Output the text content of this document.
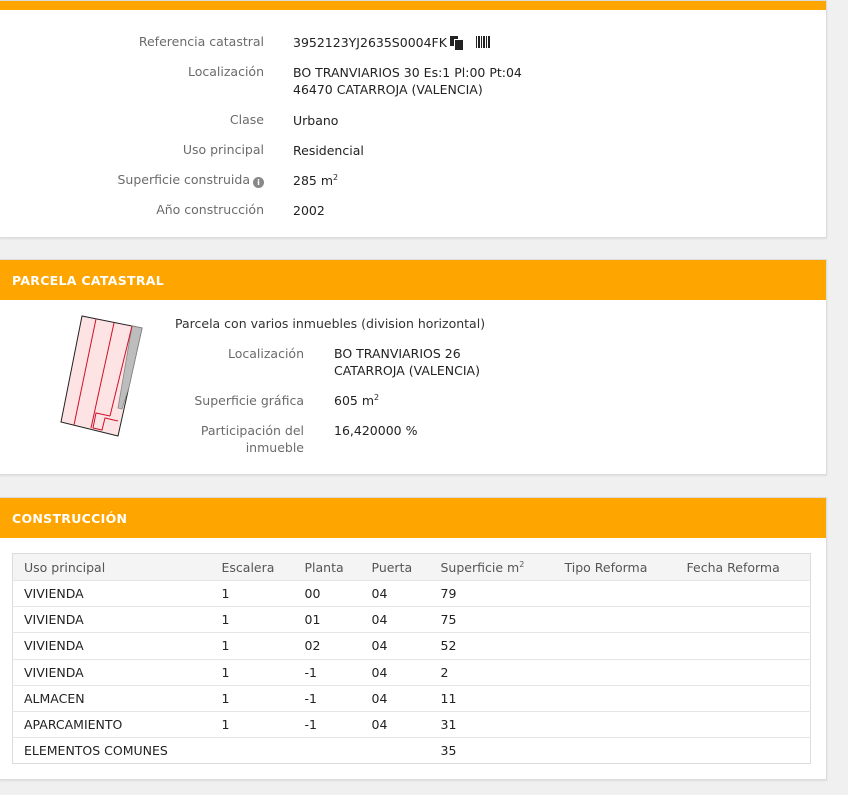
Referencia catastral 3952123YJ2635S0004FK
Localización BO TRANVIARIOS 30 Es:1 Pl:00 Pt:04
46470 CATARROJA (VALENCIA)
Clase Urbano
Uso principal Residencial
Superficie construida i	285 $m^2$
Año construcción 2002
PARCELA CATASTRAL
Parcela con varios inmuebles (division horizontal)
Localización BO TRANVIARIOS 26
CATARROJA (VALENCIA)
Superficie gráfica 605 $m^2$
Participación del
inmueble
16,420000 %
CONSTRUCCIÓN
Uso principal	Escalera	Planta	Puerta	Superficie $m^2$	Tipo Reforma	Fecha Reforma
VIVIENDA	1	00	04	79		
VIVIENDA	1	01	04	75		
VIVIENDA	1	02	04	52		
VIVIENDA	1	-1	04	2		
ALMACEN	1	-1	04	11		
APARCAMIENTO	1	-1	04	31		
ELEMENTOS COMUNES				35		
